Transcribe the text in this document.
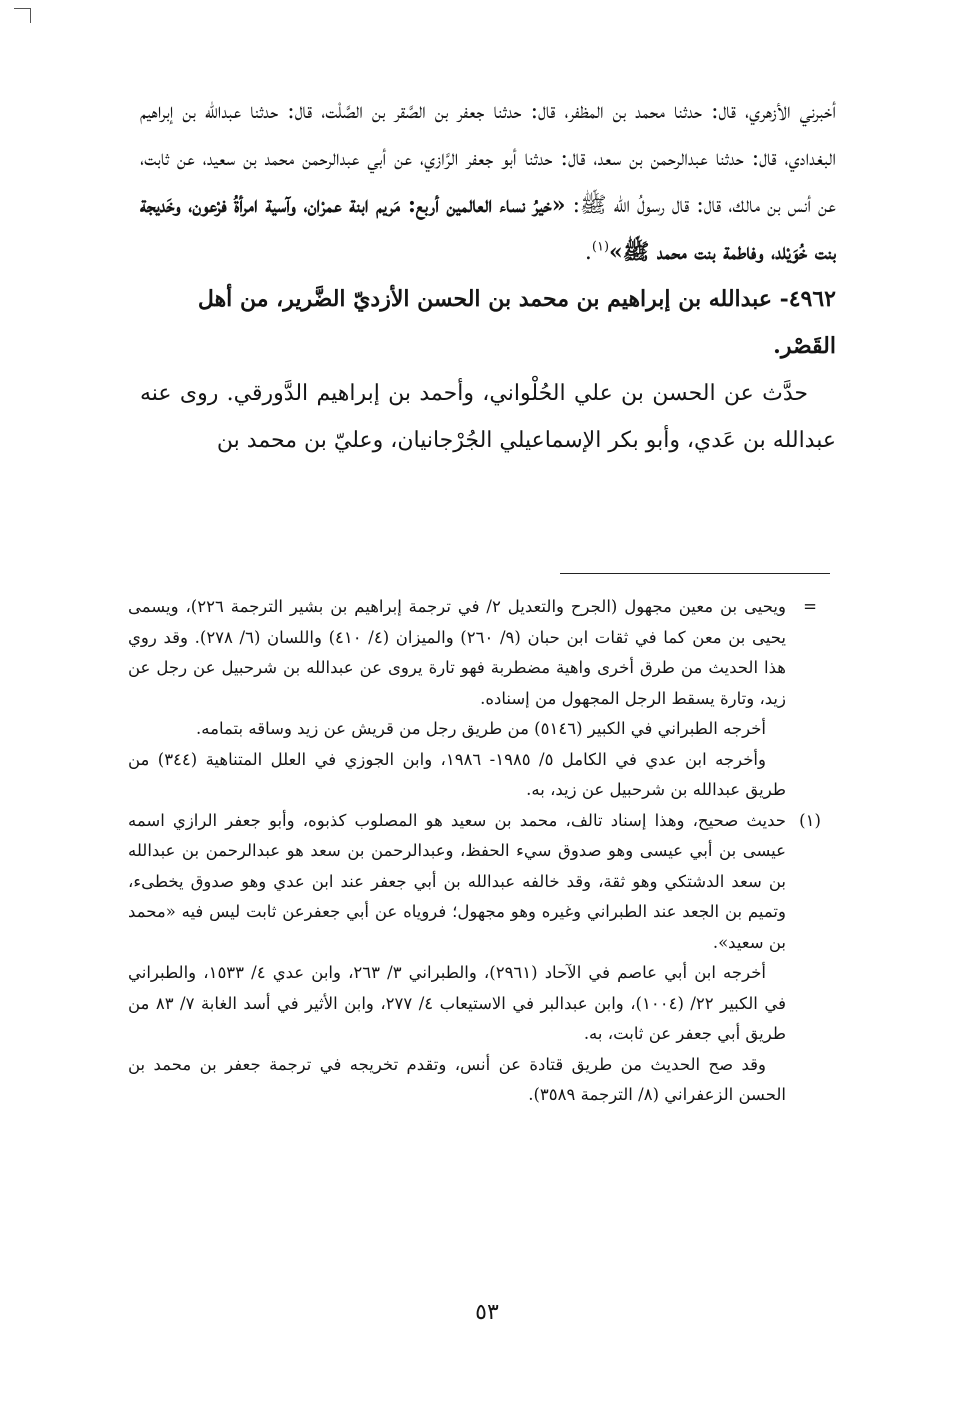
أخبرني الأزهري، قال: حدثنا محمد بن المظفر، قال: حدثنا جعفر بن الصَّقر بن الصَّلْت، قال: حدثنا عبدالله بن إبراهيم البغدادي، قال: حدثنا عبدالرحمن بن سعد، قال: حدثنا أبو جعفر الرَّازي، عن أبي عبدالرحمن محمد بن سعيد، عن ثابت، عن أنس بن مالك، قال: قال رسولُ الله ﷺ: «خيرُ نساء العالمين أربع: مَريم ابنة عمرْان، وآسية امرأةُ فرْعون، وخَديجة بنت خُوَيْلد، وفاطمة بنت محمد ﷺ»$^{(١)}$.

٤٩٦٢- عبدالله بن إبراهيم بن محمد بن الحسن الأزديّ الضَّرير، من أهل القَصْر.

حدَّث عن الحسن بن علي الحُلْواني، وأحمد بن إبراهيم الدَّورقي. روى عنه عبدالله بن عَدي، وأبو بكر الإسماعيلي الجُرْجانيان، وعليّ بن محمد بن

=

ويحيى بن معين مجهول (الجرح والتعديل ٢/ في ترجمة إبراهيم بن بشير الترجمة ٢٢٦)، ويسمى يحيى بن معن كما في ثقات ابن حبان (٩/ ٢٦٠) والميزان (٤/ ٤١٠) واللسان (٦/ ٢٧٨). وقد روي هذا الحديث من طرق أخرى واهية مضطربة فهو تارة يروى عن عبدالله بن شرحبيل عن رجل عن زيد، وتارة يسقط الرجل المجهول من إسناده.

أخرجه الطبراني في الكبير (٥١٤٦) من طريق رجل من قريش عن زيد وساقه بتمامه.

وأخرجه ابن عدي في الكامل ٥/ ١٩٨٥- ١٩٨٦، وابن الجوزي في العلل المتناهية (٣٤٤) من طريق عبدالله بن شرحبيل عن زيد، به.

(١)

حديث صحيح، وهذا إسناد تالف، محمد بن سعيد هو المصلوب كذبوه، وأبو جعفر الرازي اسمه عيسى بن أبي عيسى وهو صدوق سيء الحفظ، وعبدالرحمن بن سعد هو عبدالرحمن بن عبدالله بن سعد الدشتكي وهو ثقة، وقد خالفه عبدالله بن أبي جعفر عند ابن عدي وهو صدوق يخطىء، وتميم بن الجعد عند الطبراني وغيره وهو مجهول؛ فروياه عن أبي جعفرعن ثابت ليس فيه «محمد بن سعيد».

أخرجه ابن أبي عاصم في الآحاد (٢٩٦١)، والطبراني ٣/ ٢٦٣، وابن عدي ٤/ ١٥٣٣، والطبراني في الكبير ٢٢/ (١٠٠٤)، وابن عبدالبر في الاستيعاب ٤/ ٢٧٧، وابن الأثير في أسد الغابة ٧/ ٨٣ من طريق أبي جعفر عن ثابت، به.

وقد صح الحديث من طريق قتادة عن أنس، وتقدم تخريجه في ترجمة جعفر بن محمد بن الحسن الزعفراني (٨/ الترجمة ٣٥٨٩).

٥٣
